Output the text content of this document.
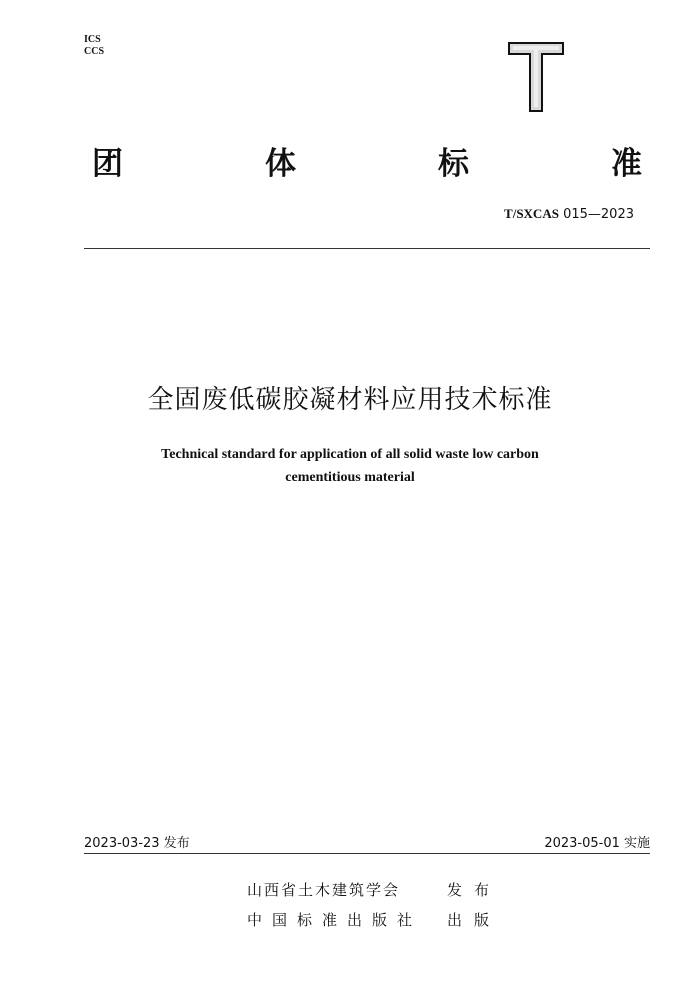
ICS
CCS
团	体	标	准
T/SXCAS 015—2023
全固废低碳胶凝材料应用技术标准
Technical standard for application of all solid waste low carbon
cementitious material
2023-03-23 发布	2023-05-01 实施
山西省土木建筑学会	发布
中国标准出版社 出版
